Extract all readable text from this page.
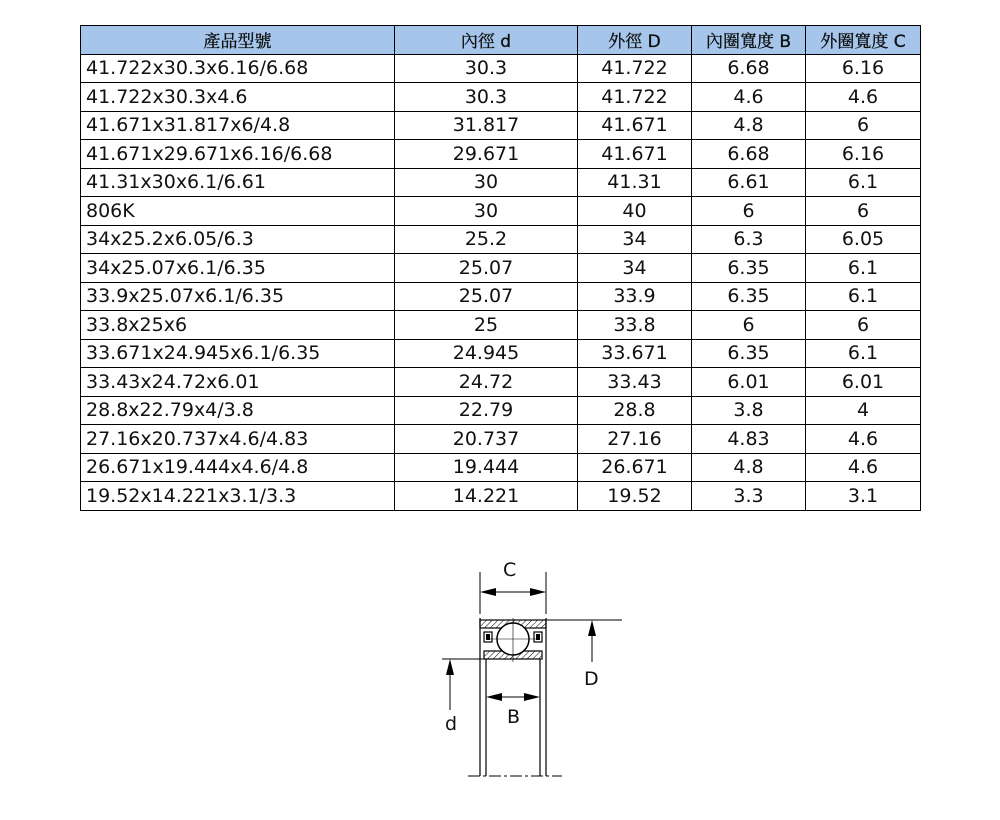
產品型號	內徑 d	外徑 D	內圈寬度 B	外圈寬度 C
41.722x30.3x6.16/6.68	30.3	41.722	6.68	6.16
41.722x30.3x4.6	30.3	41.722	4.6	4.6
41.671x31.817x6/4.8	31.817	41.671	4.8	6
41.671x29.671x6.16/6.68	29.671	41.671	6.68	6.16
41.31x30x6.1/6.61	30	41.31	6.61	6.1
806K	30	40	6	6
34x25.2x6.05/6.3	25.2	34	6.3	6.05
34x25.07x6.1/6.35	25.07	34	6.35	6.1
33.9x25.07x6.1/6.35	25.07	33.9	6.35	6.1
33.8x25x6	25	33.8	6	6
33.671x24.945x6.1/6.35	24.945	33.671	6.35	6.1
33.43x24.72x6.01	24.72	33.43	6.01	6.01
28.8x22.79x4/3.8	22.79	28.8	3.8	4
27.16x20.737x4.6/4.83	20.737	27.16	4.83	4.6
26.671x19.444x4.6/4.8	19.444	26.671	4.8	4.6
19.52x14.221x3.1/3.3	14.221	19.52	3.3	3.1
C
D
d	B
